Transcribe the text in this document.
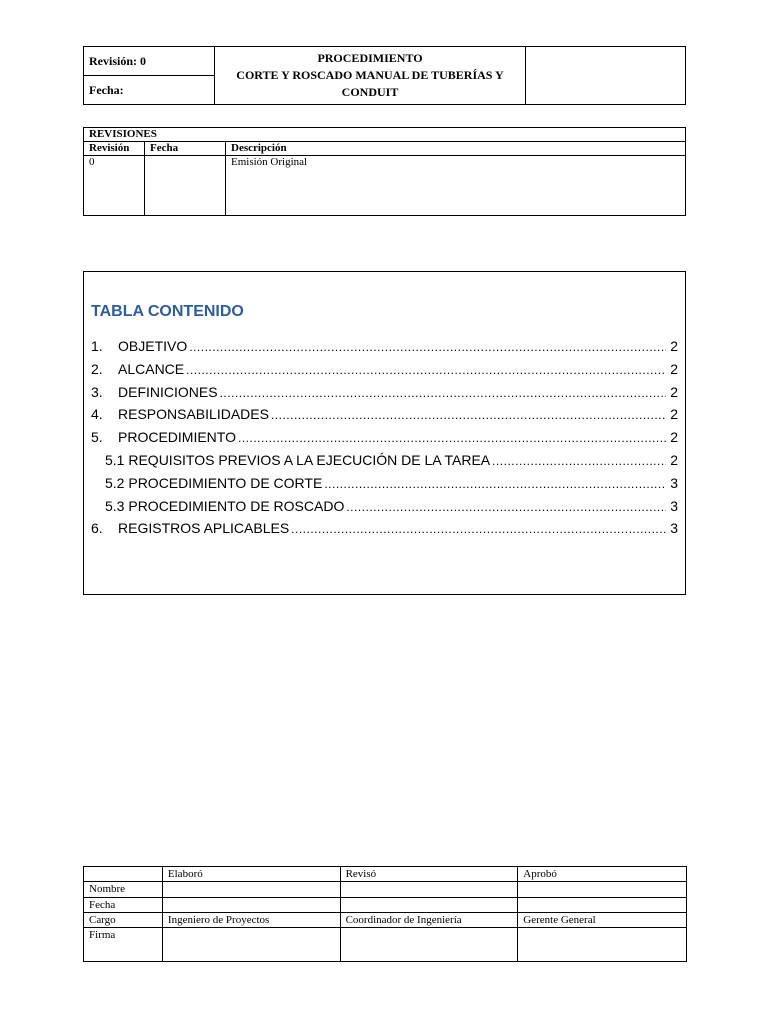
Revisión: 0	PROCEDIMIENTO
CORTE Y ROSCADO MANUAL DE TUBERÍAS Y
CONDUIT

Fecha:
REVISIONES		
Revisión	Fecha	Descripción
0		Emisión Original
TABLA CONTENIDO
1.	OBJETIVO .....	2
2.	ALCANCE .....	2
3.	DEFINICIONES .....	2
4.	RESPONSABILIDADES .....	2
5.	PROCEDIMIENTO .....	2
5.1 REQUISITOS PREVIOS A LA EJECUCIÓN DE LA TAREA .....	2
5.2 PROCEDIMIENTO DE CORTE .....	3
5.3 PROCEDIMIENTO DE ROSCADO .....	3
6.	REGISTROS APLICABLES .....	3
	Elaboró	Revisó	Aprobó
Nombre			
Fecha			
Cargo	Ingeniero de Proyectos	Coordinador de Ingeniería	Gerente General
Firma			
